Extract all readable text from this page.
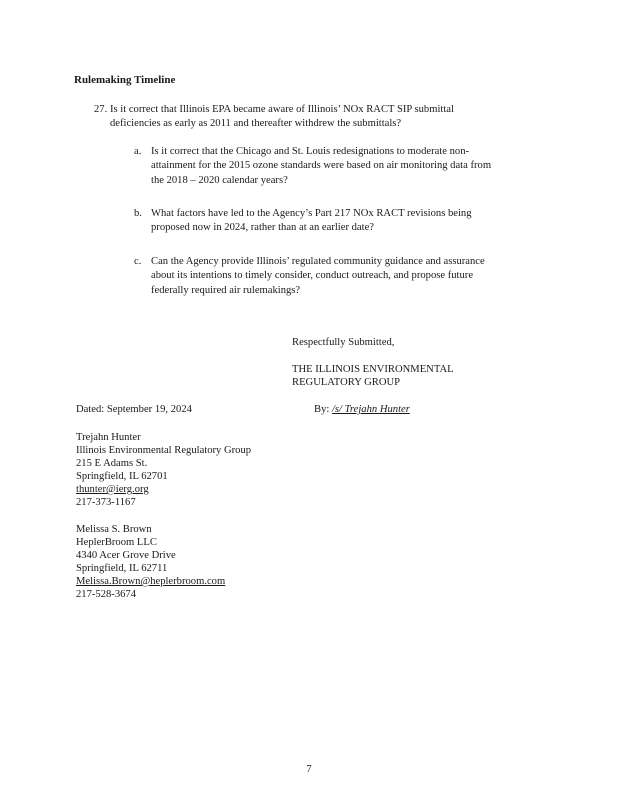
Rulemaking Timeline
27. Is it correct that Illinois EPA became aware of Illinois’ NOx RACT SIP submittal
deficiencies as early as 2011 and thereafter withdrew the submittals?
a. Is it correct that the Chicago and St. Louis redesignations to moderate non-
attainment for the 2015 ozone standards were based on air monitoring data from
the 2018 – 2020 calendar years?
b. What factors have led to the Agency’s Part 217 NOx RACT revisions being
proposed now in 2024, rather than at an earlier date?
c. Can the Agency provide Illinois’ regulated community guidance and assurance
about its intentions to timely consider, conduct outreach, and propose future
federally required air rulemakings?
Respectfully Submitted,
THE ILLINOIS ENVIRONMENTAL
REGULATORY GROUP
Dated: September 19, 2024	By: /s/ Trejahn Hunter
Trejahn Hunter
Illinois Environmental Regulatory Group
215 E Adams St.
Springfield, IL 62701
thunter@ierg.org
217-373-1167
Melissa S. Brown
HeplerBroom LLC
4340 Acer Grove Drive
Springfield, IL 62711
Melissa.Brown@heplerbroom.com
217-528-3674
7
